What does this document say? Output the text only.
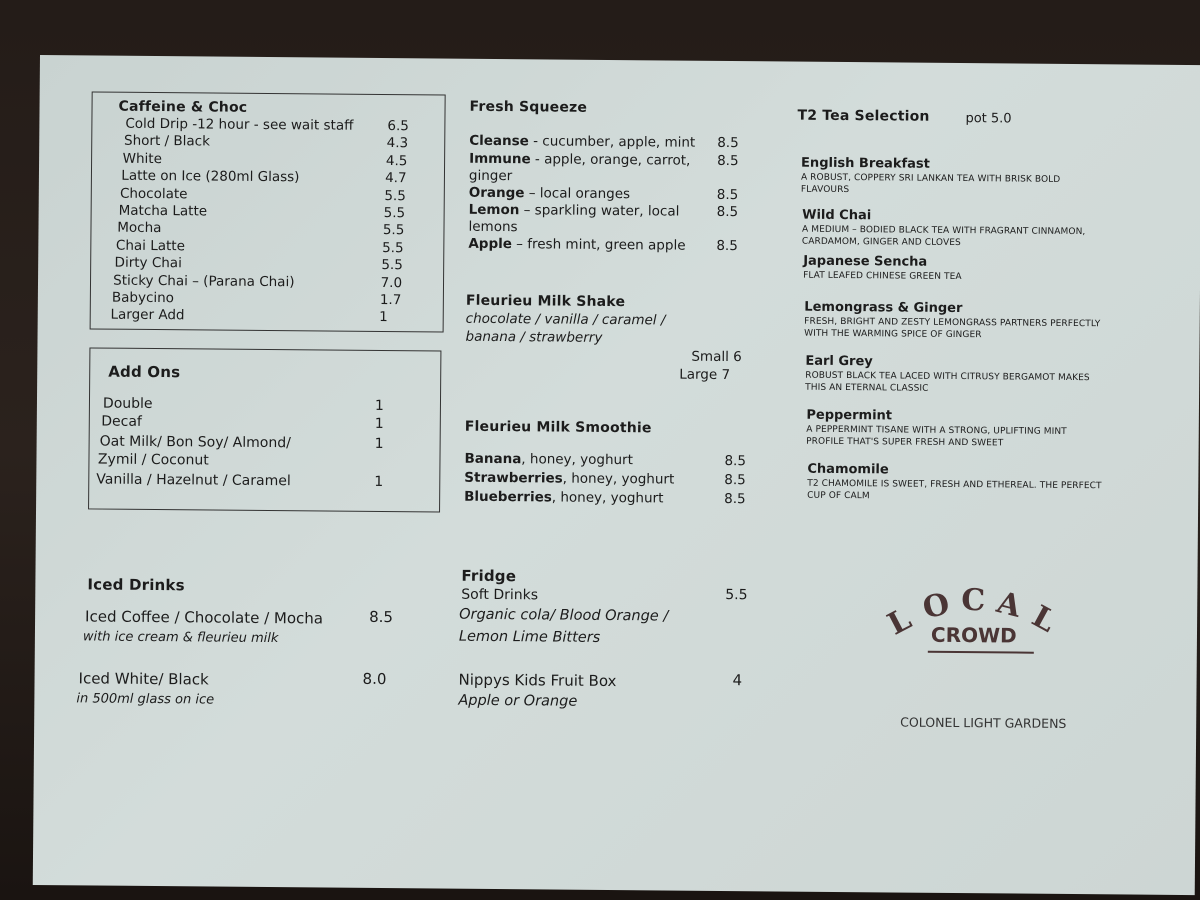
Caffeine & Choc
Add Ons
Iced Drinks
Iced Coffee / Chocolate / Mocha	8.5
with ice cream & fleurieu milk
Iced White/ Black	8.0
in 500ml glass on ice
Fresh Squeeze
Fleurieu Milk Shake
chocolate / vanilla / caramel /
banana / strawberry
Small 6
Large 7
Fleurieu Milk Smoothie
Fridge
Soft Drinks	5.5
Organic cola/ Blood Orange /
Lemon Lime Bitters
Nippys Kids Fruit Box	4
Apple or Orange
T2 Tea Selection	pot 5.0
L O C A L
CROWD
COLONEL LIGHT GARDENS
Cold Drip -12 hour - see wait staff	6.5
Short / Black	4.3
White	4.5
Latte on Ice (280ml Glass)	4.7
Chocolate	5.5
Matcha Latte	5.5
Mocha	5.5
Chai Latte	5.5
Dirty Chai	5.5
Sticky Chai – (Parana Chai)	7.0
Babycino	1.7
Larger Add	1
Double	1
Decaf	1
Oat Milk/ Bon Soy/ Almond/	1
Zymil / Coconut
Vanilla / Hazelnut / Caramel	1
Cleanse - cucumber, apple, mint 8.5
Immune - apple, orange, carrot, 8.5
ginger
Orange – local oranges	8.5
Lemon – sparkling water, local	8.5
lemons
Apple – fresh mint, green apple 8.5
Banana, honey, yoghurt	8.5
Strawberries, honey, yoghurt	8.5
Blueberries, honey, yoghurt	8.5
English Breakfast
A ROBUST, COPPERY SRI LANKAN TEA WITH BRISK BOLD
FLAVOURS
Wild Chai
A MEDIUM – BODIED BLACK TEA WITH FRAGRANT CINNAMON,
CARDAMOM, GINGER AND CLOVES
Japanese Sencha
FLAT LEAFED CHINESE GREEN TEA
Lemongrass & Ginger
FRESH, BRIGHT AND ZESTY LEMONGRASS PARTNERS PERFECTLY
WITH THE WARMING SPICE OF GINGER
Earl Grey
ROBUST BLACK TEA LACED WITH CITRUSY BERGAMOT MAKES
THIS AN ETERNAL CLASSIC
Peppermint
A PEPPERMINT TISANE WITH A STRONG, UPLIFTING MINT
PROFILE THAT'S SUPER FRESH AND SWEET
Chamomile
T2 CHAMOMILE IS SWEET, FRESH AND ETHEREAL. THE PERFECT
CUP OF CALM
